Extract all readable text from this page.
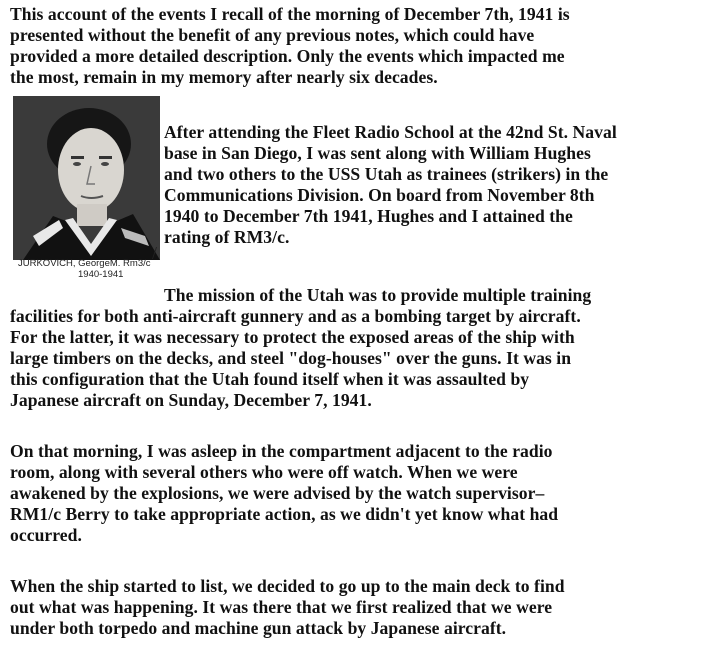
This account of the events I recall of the morning of December 7th, 1941 is
presented without the benefit of any previous notes, which could have
provided a more detailed description. Only the events which impacted me
the most, remain in my memory after nearly six decades.
/
JURKOVICH, GeorgeM. Rm3/c
1940-1941
After attending the Fleet Radio School at the 42nd St. Naval
base in San Diego, I was sent along with William Hughes
and two others to the USS Utah as trainees (strikers) in the
Communications Division. On board from November 8th
1940 to December 7th 1941, Hughes and I attained the
rating of RM3/c.
The mission of the Utah was to provide multiple training
facilities for both anti-aircraft gunnery and as a bombing target by aircraft.
For the latter, it was necessary to protect the exposed areas of the ship with
large timbers on the decks, and steel "dog-houses" over the guns. It was in
this configuration that the Utah found itself when it was assaulted by
Japanese aircraft on Sunday, December 7, 1941.
On that morning, I was asleep in the compartment adjacent to the radio
room, along with several others who were off watch. When we were
awakened by the explosions, we were advised by the watch supervisor–
RM1/c Berry to take appropriate action, as we didn't yet know what had
occurred.
When the ship started to list, we decided to go up to the main deck to find
out what was happening. It was there that we first realized that we were
under both torpedo and machine gun attack by Japanese aircraft.
